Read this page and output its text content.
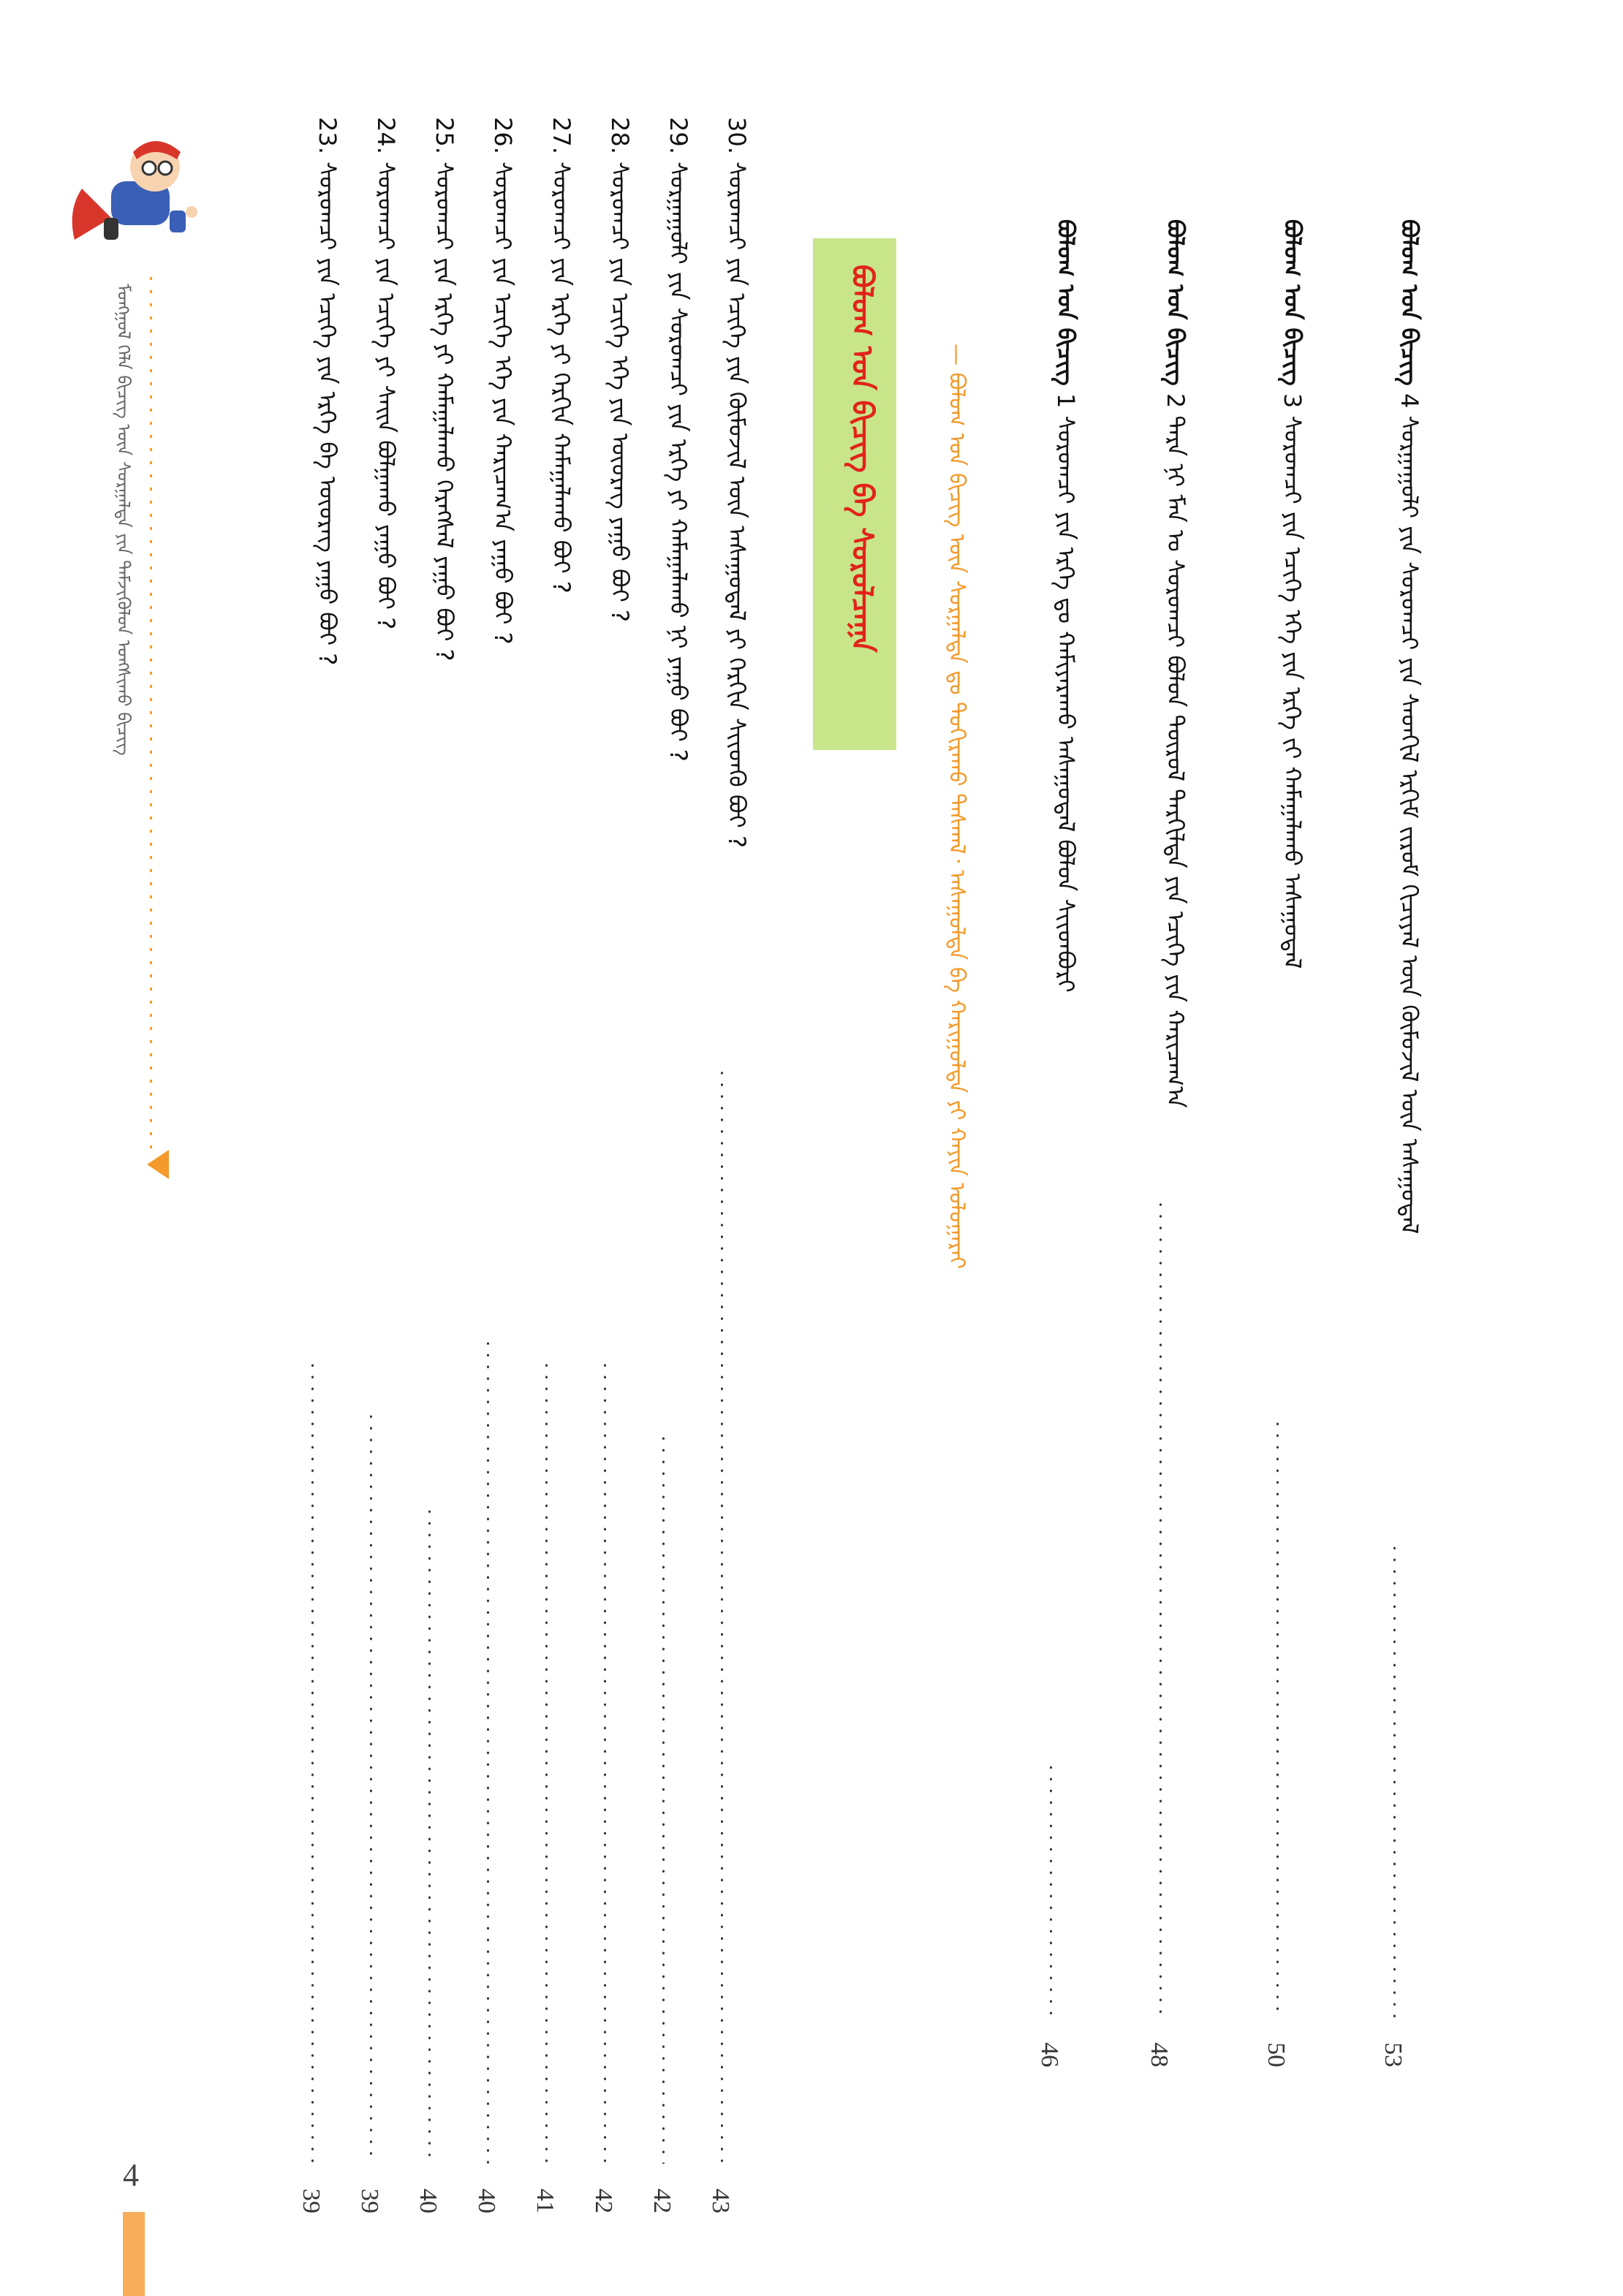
ᠮᠣᠩᠭᠣᠯ ᠬᠡᠯᠡ ᠪᠢᠴᠢᠭ᠌ ᠦᠨ ᠰᠤᠷᠭᠠᠯᠳᠠ ᠶᠢᠨ ᠳᠡᠮᠵᠢᠭᠦᠯᠦᠨ ᠤᠩᠰᠢᠬᠤ ᠪᠢᠴᠢᠭ᠌
30. ᠰᠤᠷᠤᠭᠴᠢ ᠶᠢᠨ ᠡᠴᠢᠭᠡ ᠶᠢᠨ ᠬᠦᠮᠦᠵᠢᠯ ᠦᠨ ᠠᠰᠠᠭᠤᠳᠠᠯ ᠶᠢ ᠬᠡᠷᠬᠢᠨ ᠰᠢᠢᠳᠬᠦ ᠪᠤᠢ ?
43
29. ᠰᠤᠷᠭᠠᠭᠤᠯᠢ ᠶᠢᠨ ᠰᠤᠷᠤᠭᠴᠢ ᠶᠢᠨ ᠡᠷᠬᠡ ᠶᠢ ᠬᠠᠮᠠᠭᠠᠯᠠᠬᠤ ᠨᠢ ᠶᠠᠭᠤ ᠪᠤᠢ ?
42
28. ᠰᠤᠷᠤᠭᠴᠢ ᠶᠢᠨ ᠡᠴᠢᠭᠡ ᠡᠬᠡ ᠶᠢᠨ ᠦᠦᠷᠡᠭ ᠶᠠᠭᠤ ᠪᠤᠢ ?
42
27. ᠰᠤᠷᠤᠭᠴᠢ ᠶᠢᠨ ᠡᠷᠬᠡ ᠶᠢ ᠬᠡᠷᠬᠢᠨ ᠬᠠᠮᠠᠭᠠᠯᠠᠬᠤ ᠪᠤᠢ ?
41
26. ᠰᠤᠷᠤᠭᠴᠢ ᠶᠢᠨ ᠡᠴᠢᠭᠡ ᠡᠬᠡ ᠶᠢᠨ ᠬᠠᠷᠢᠴᠠᠭ᠎ᠠ ᠶᠠᠭᠤ ᠪᠤᠢ ?
40
25. ᠰᠤᠷᠤᠭᠴᠢ ᠶᠢᠨ ᠡᠷᠬᠡ ᠶᠢ ᠬᠠᠮᠠᠭᠠᠯᠠᠬᠤ ᠬᠡᠷᠡᠭᠰᠡᠯ ᠶᠠᠭᠤ ᠪᠤᠢ ?
40
24. ᠰᠤᠷᠤᠭᠴᠢ ᠶᠢᠨ ᠡᠴᠢᠭᠡ ᠶᠢ ᠰᠠᠢᠨ ᠪᠣᠯᠭᠠᠬᠤ ᠶᠠᠭᠤ ᠪᠤᠢ ?
39
23. ᠰᠤᠷᠤᠭᠴᠢ ᠶᠢᠨ ᠡᠴᠢᠭᠡ ᠶᠢᠨ ᠡᠷᠬᠡ ᠪᠠ ᠦᠦᠷᠡᠭ ᠶᠠᠭᠤ ᠪᠤᠢ ?
39
ᠪᠣᠯᠣᠭ ᠤᠨ ᠪᠢᠴᠢᠭ᠌ ᠪᠠ ᠰᠤᠷᠤᠯᠴᠠᠭᠠ	— ᠪᠣᠯᠣᠭ ᠤᠨ ᠪᠢᠴᠢᠭ᠌ ᠦᠨ ᠰᠤᠷᠭᠠᠯᠳᠠ ᠳᠤ ᠲᠣᠬᠢᠷᠠᠬᠤ ᠳᠠᠰᠬᠠᠯ᠂ ᠠᠰᠠᠭᠤᠯᠲᠠ ᠪᠠ ᠬᠠᠷᠢᠭᠤᠯᠲᠠ ᠶᠢ ᠬᠠᠶᠢᠨ ᠤᠯᠤᠭᠠᠷᠠᠢ
ᠪᠣᠯᠣᠭ ᠤᠨ ᠪᠢᠴᠢᠭ᠌ 4 ᠰᠤᠷᠭᠠᠭᠤᠯᠢ ᠶᠢᠨ ᠰᠤᠷᠤᠭᠴᠢ ᠶᠢᠨ ᠰᠡᠳᠬᠢᠯ ᠡᠷᠬᠢᠮ ᠵᠢᠷᠤᠮ ᠬᠢᠴᠢᠶᠡᠯ ᠦᠨ ᠬᠦᠮᠦᠵᠢᠯ ᠦᠨ ᠠᠰᠠᠭᠤᠳᠠᠯ
53
ᠪᠣᠯᠣᠭ ᠤᠨ ᠪᠢᠴᠢᠭ᠌ 3 ᠰᠤᠷᠤᠭᠴᠢ ᠶᠢᠨ ᠡᠴᠢᠭᠡ ᠡᠬᠡ ᠶᠢᠨ ᠡᠷᠬᠡ ᠵᠢ ᠬᠠᠮᠠᠭᠠᠯᠠᠬᠤ ᠠᠰᠠᠭᠤᠳᠠᠯ
50
ᠪᠣᠯᠣᠭ ᠤᠨ ᠪᠢᠴᠢᠭ᠌ 2 ᠲᠡᠷᠡ ᠨᠢ ᠮᠠᠨ ᠤ ᠰᠤᠷᠤᠭᠴᠢ ᠪᠣᠯᠤᠨ ᠲᠦᠷᠦᠯ ᠲᠠᠷᠬᠢᠯᠳᠠ ᠶᠢᠨ ᠡᠴᠢᠭᠡ ᠶᠢᠨ ᠬᠠᠷᠢᠴᠠᠭ᠎ᠠ
48
ᠪᠣᠯᠣᠭ ᠤᠨ ᠪᠢᠴᠢᠭ᠌ 1 ᠰᠤᠷᠤᠭᠴᠢ ᠶᠢᠨ ᠡᠷᠬᠡ ᠳᠤ ᠬᠠᠮᠢᠶᠠᠷᠠᠬᠤ ᠠᠰᠠᠭᠤᠳᠠᠯ ᠪᠣᠯᠤᠨ ᠰᠢᠢᠳᠪᠦᠷᠢ
46
4
